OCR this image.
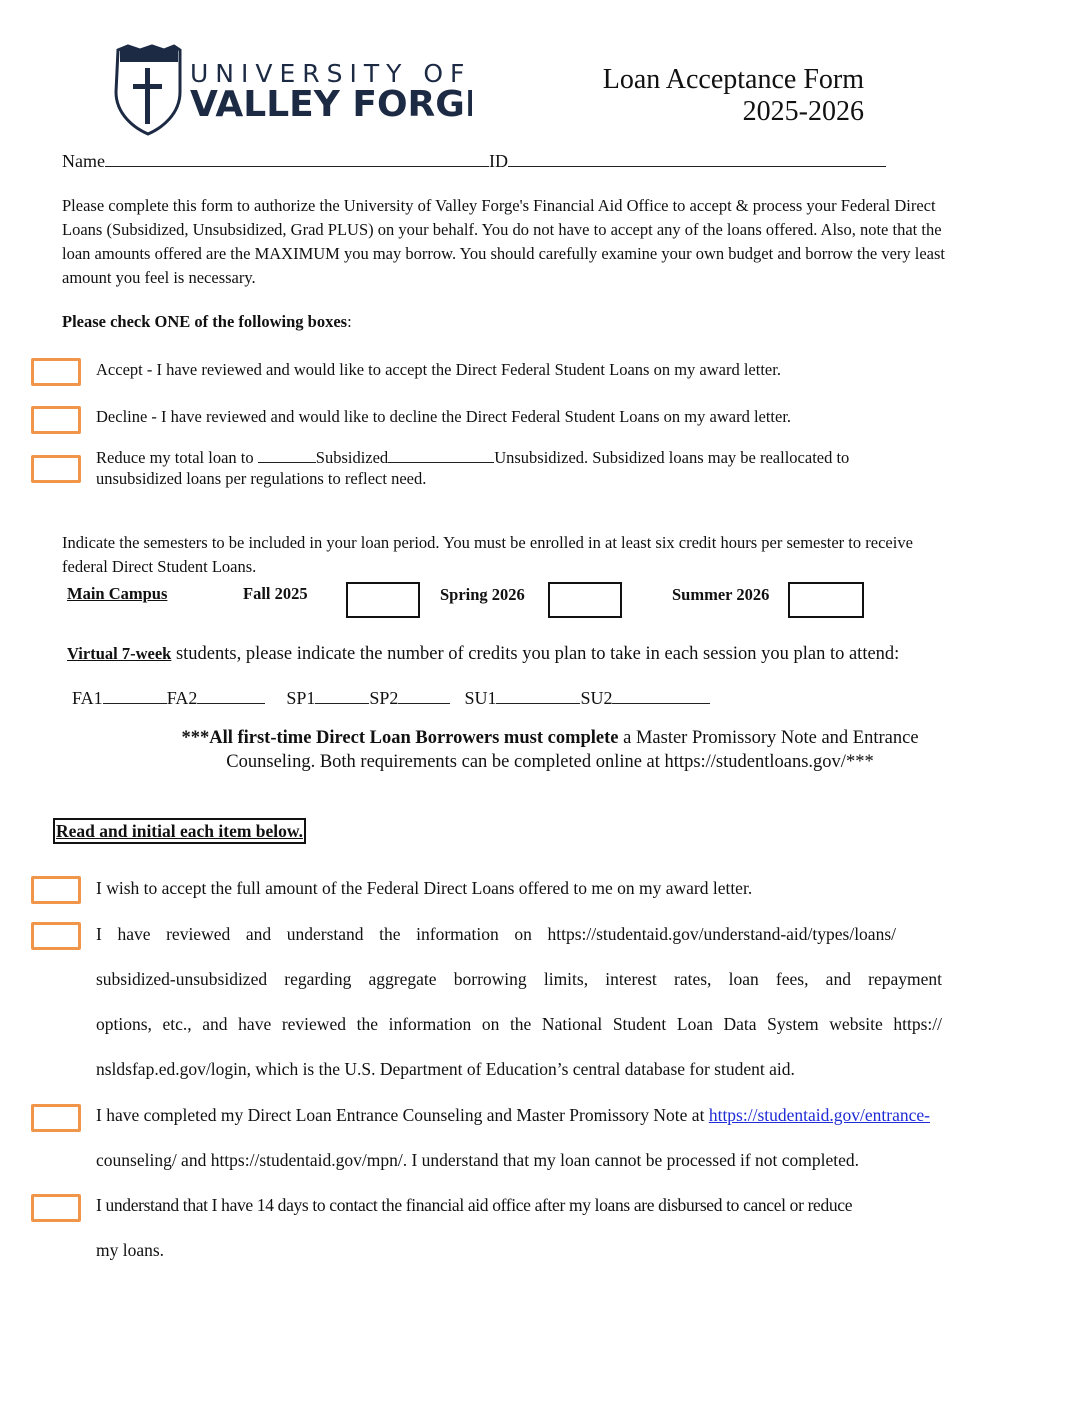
UNIVERSITY OF
VALLEY FORGE
Loan Acceptance Form
2025-2026
Name	ID
Please complete this form to authorize the University of Valley Forge's Financial Aid Office to accept & process your Federal Direct Loans (Subsidized, Unsubsidized, Grad PLUS) on your behalf. You do not have to accept any of the loans offered. Also, note that the loan amounts offered are the MAXIMUM you may borrow. You should carefully examine your own budget and borrow the very least amount you feel is necessary.
Please check ONE of the following boxes:
Accept - I have reviewed and would like to accept the Direct Federal Student Loans on my award letter.
Decline - I have reviewed and would like to decline the Direct Federal Student Loans on my award letter.
Reduce my total loan to	Subsidized	Unsubsidized. Subsidized loans may be reallocated to
unsubsidized loans per regulations to reflect need.
Indicate the semesters to be included in your loan period. You must be enrolled in at least six credit hours per semester to receive federal Direct Student Loans.
Main Campus	Fall 2025	Spring 2026	Summer 2026
Virtual 7-week students, please indicate the number of credits you plan to take in each session you plan to attend:
FA1	FA2	SP1	SP2	SU1	SU2
***All first-time Direct Loan Borrowers must complete a Master Promissory Note and Entrance Counseling. Both requirements can be completed online at https://studentloans.gov/***
Read and initial each item below.
I wish to accept the full amount of the Federal Direct Loans offered to me on my award letter.
I have reviewed and understand the information on https://studentaid.gov/understand-aid/types/loans/
subsidized-unsubsidized regarding aggregate borrowing limits, interest rates, loan fees, and repayment
options, etc., and have reviewed the information on the National Student Loan Data System website https://
nsldsfap.ed.gov/login, which is the U.S. Department of Education’s central database for student aid.
I have completed my Direct Loan Entrance Counseling and Master Promissory Note at https://studentaid.gov/entrance-
counseling/ and https://studentaid.gov/mpn/. I understand that my loan cannot be processed if not completed.
I understand that I have 14 days to contact the financial aid office after my loans are disbursed to cancel or reduce
my loans.
